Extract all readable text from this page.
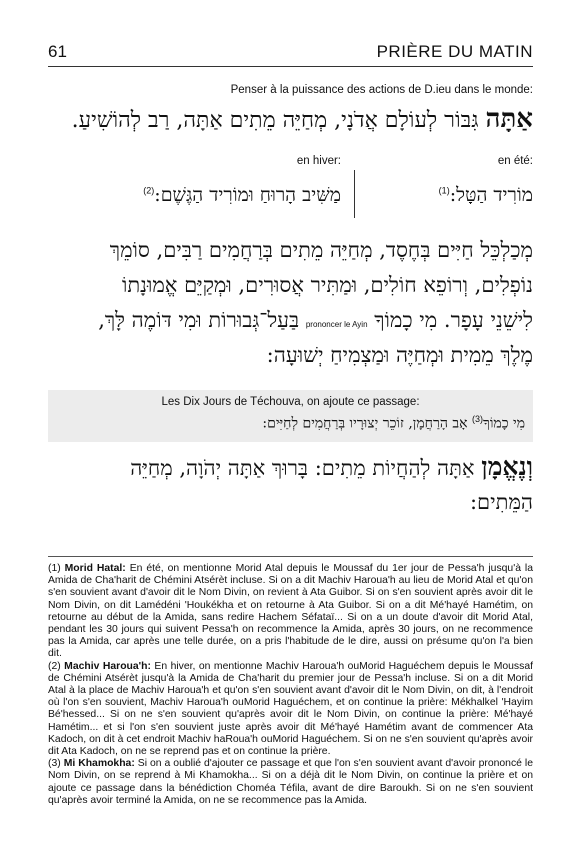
61	PRIÈRE DU MATIN
Penser à la puissance des actions de D.ieu dans le monde:
אַתָּה גִּבּוֹר לְעוֹלָם אֲדֹנָי, מְחַיֵּה מֵתִים אַתָּה, רַב לְהוֹשִׁיעַ.
en hiver:	en été:
מַשִּׁיב הָרוּחַ וּמוֹרִיד הַגֶּשֶׁם:$^{(2)}$	מוֹרִיד הַטָּל:$^{(1)}$
מְכַלְכֵּל חַיִּים בְּחֶסֶד, מְחַיֵּה מֵתִים בְּרַחֲמִים רַבִּים, סוֹמֵךְ
נוֹפְלִים, וְרוֹפֵא חוֹלִים, וּמַתִּיר אֲסוּרִים, וּמְקַיֵּם אֱמוּנָתוֹ
לִישֵׁנֵי עָפָר. מִי כָמוֹךָ prononcer le Ayin בַּעַל־גְּבוּרוֹת וּמִי דּוֹמֶה לָּךְ,
מֶלֶךְ מֵמִית וּמְחַיֶּה וּמַצְמִיחַ יְשׁוּעָה:
Les Dix Jours de Téchouva, on ajoute ce passage:
מִי כָמוֹךָ$^{(3)}$ אָב הָרַחֲמָן, זוֹכֵר יְצוּרָיו בְּרַחֲמִים לְחַיִּים:
וְנֶאֱמָן אַתָּה לְהַחֲיוֹת מֵתִים: בָּרוּךְ אַתָּה יְהֹוָה, מְחַיֵּה
הַמֵּתִים:

(1) Morid Hatal: En été, on mentionne Morid Atal depuis le Moussaf du 1er jour de Pessa'h jusqu'à la Amida de Cha'harit de Chémini Atsérèt incluse. Si on a dit Machiv Haroua'h au lieu de Morid Atal et qu'on s'en souvient avant d'avoir dit le Nom Divin, on revient à Ata Guibor. Si on s'en souvient après avoir dit le Nom Divin, on dit Lamédéni 'Houkékha et on retourne à Ata Guibor. Si on a dit Mé'hayé Hamétim, on retourne au début de la Amida, sans redire Hachem Séfataï... Si on a un doute d'avoir dit Morid Atal, pendant les 30 jours qui suivent Pessa'h on recommence la Amida, après 30 jours, on ne recommence pas la Amida, car après une telle durée, on a pris l'habitude de le dire, aussi on présume qu'on l'a bien dit.

(2) Machiv Haroua'h: En hiver, on mentionne Machiv Haroua'h ouMorid Haguéchem depuis le Moussaf de Chémini Atsérèt jusqu'à la Amida de Cha'harit du premier jour de Pessa'h incluse. Si on a dit Morid Atal à la place de Machiv Haroua'h et qu'on s'en souvient avant d'avoir dit le Nom Divin, on dit, à l'endroit où l'on s'en souvient, Machiv Haroua'h ouMorid Haguéchem, et on continue la prière: Mékhalkel 'Hayim Bé'hessed... Si on ne s'en souvient qu'après avoir dit le Nom Divin, on continue la prière: Mé'hayé Hamétim... et si l'on s'en souvient juste après avoir dit Mé'hayé Hamétim avant de commencer Ata Kadoch, on dit à cet endroit Machiv haRoua'h ouMorid Haguéchem. Si on ne s'en souvient qu'après avoir dit Ata Kadoch, on ne se reprend pas et on continue la prière.

(3) Mi Khamokha: Si on a oublié d'ajouter ce passage et que l'on s'en souvient avant d'avoir prononcé le Nom Divin, on se reprend à Mi Khamokha... Si on a déjà dit le Nom Divin, on continue la prière et on ajoute ce passage dans la bénédiction Choméa Téfila, avant de dire Baroukh. Si on ne s'en souvient qu'après avoir terminé la Amida, on ne se recommence pas la Amida.
